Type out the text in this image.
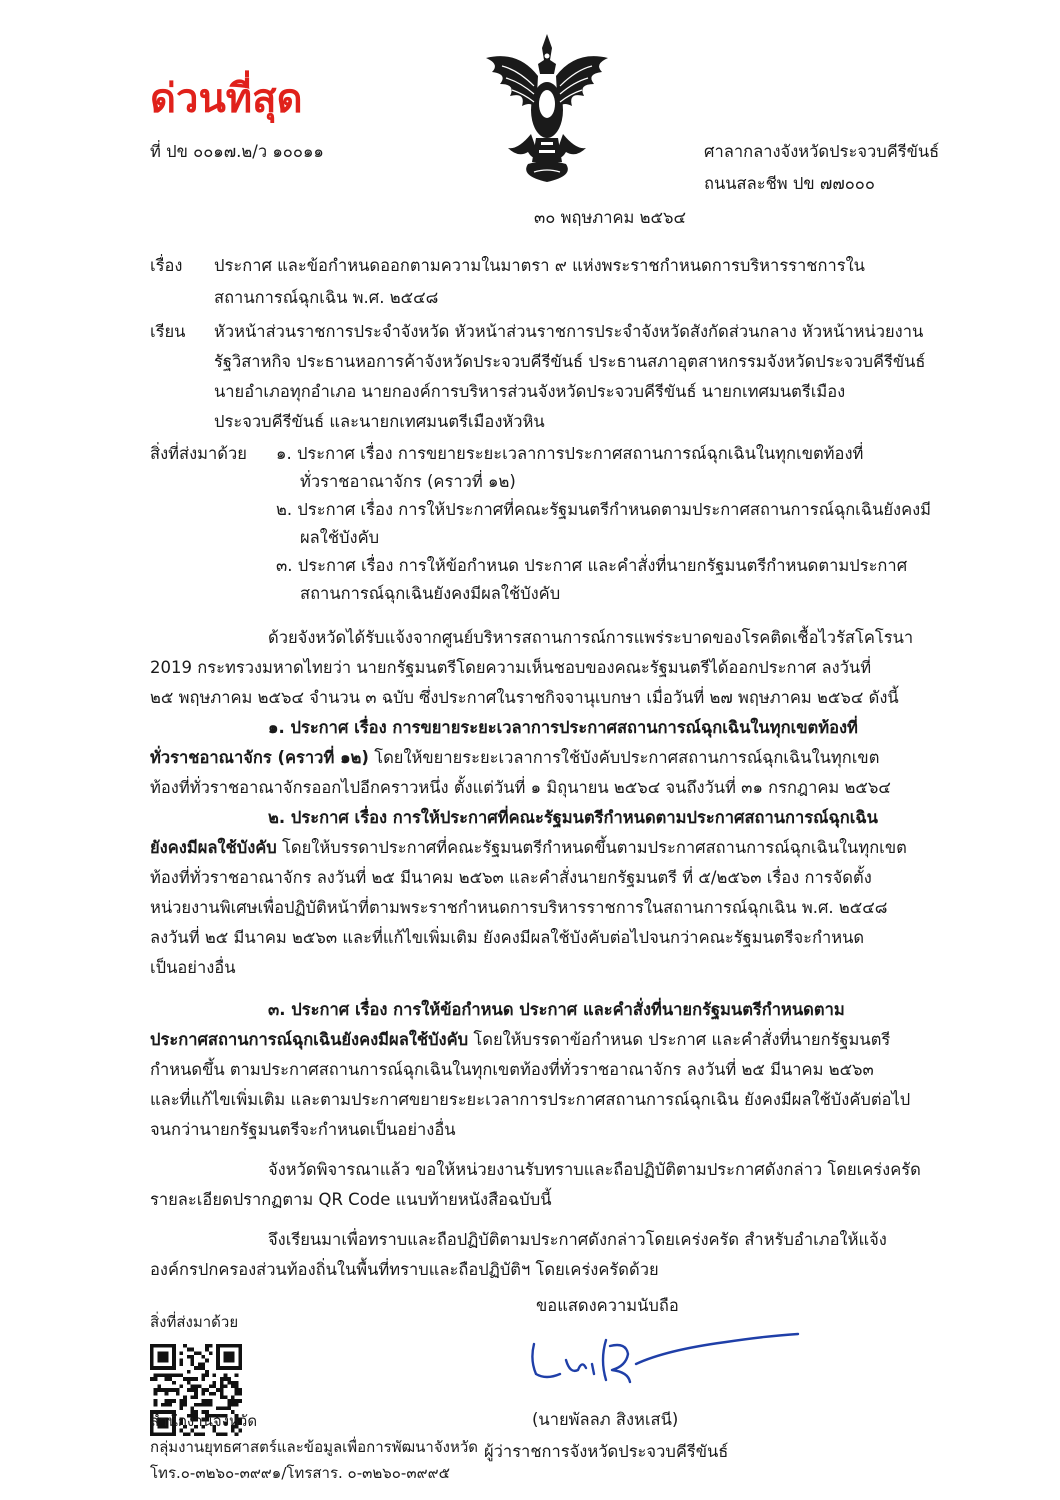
ด่วนที่สุด
ที่ ปข ๐๐๑๗.๒/ว ๑๐๐๑๑	ศาลากลางจังหวัดประจวบคีรีขันธ์
ถนนสละชีพ ปข ๗๗๐๐๐
๓๐ พฤษภาคม ๒๕๖๔
เรื่อง ประกาศ และข้อกำหนดออกตามความในมาตรา ๙ แห่งพระราชกำหนดการบริหารราชการใน
สถานการณ์ฉุกเฉิน พ.ศ. ๒๕๔๘
เรียน หัวหน้าส่วนราชการประจำจังหวัด หัวหน้าส่วนราชการประจำจังหวัดสังกัดส่วนกลาง หัวหน้าหน่วยงาน
รัฐวิสาหกิจ ประธานหอการค้าจังหวัดประจวบคีรีขันธ์ ประธานสภาอุตสาหกรรมจังหวัดประจวบคีรีขันธ์
นายอำเภอทุกอำเภอ นายกองค์การบริหารส่วนจังหวัดประจวบคีรีขันธ์ นายกเทศมนตรีเมือง
ประจวบคีรีขันธ์ และนายกเทศมนตรีเมืองหัวหิน
สิ่งที่ส่งมาด้วย ๑. ประกาศ เรื่อง การขยายระยะเวลาการประกาศสถานการณ์ฉุกเฉินในทุกเขตท้องที่
ทั่วราชอาณาจักร (คราวที่ ๑๒)
๒. ประกาศ เรื่อง การให้ประกาศที่คณะรัฐมนตรีกำหนดตามประกาศสถานการณ์ฉุกเฉินยังคงมี
ผลใช้บังคับ
๓. ประกาศ เรื่อง การให้ข้อกำหนด ประกาศ และคำสั่งที่นายกรัฐมนตรีกำหนดตามประกาศ
สถานการณ์ฉุกเฉินยังคงมีผลใช้บังคับ
ด้วยจังหวัดได้รับแจ้งจากศูนย์บริหารสถานการณ์การแพร่ระบาดของโรคติดเชื้อไวรัสโคโรนา
2019 กระทรวงมหาดไทยว่า นายกรัฐมนตรีโดยความเห็นชอบของคณะรัฐมนตรีได้ออกประกาศ ลงวันที่
๒๕ พฤษภาคม ๒๕๖๔ จำนวน ๓ ฉบับ ซึ่งประกาศในราชกิจจานุเบกษา เมื่อวันที่ ๒๗ พฤษภาคม ๒๕๖๔ ดังนี้
๑. ประกาศ เรื่อง การขยายระยะเวลาการประกาศสถานการณ์ฉุกเฉินในทุกเขตท้องที่
ทั่วราชอาณาจักร (คราวที่ ๑๒) โดยให้ขยายระยะเวลาการใช้บังคับประกาศสถานการณ์ฉุกเฉินในทุกเขต
ท้องที่ทั่วราชอาณาจักรออกไปอีกคราวหนึ่ง ตั้งแต่วันที่ ๑ มิถุนายน ๒๕๖๔ จนถึงวันที่ ๓๑ กรกฎาคม ๒๕๖๔
๒. ประกาศ เรื่อง การให้ประกาศที่คณะรัฐมนตรีกำหนดตามประกาศสถานการณ์ฉุกเฉิน
ยังคงมีผลใช้บังคับ โดยให้บรรดาประกาศที่คณะรัฐมนตรีกำหนดขึ้นตามประกาศสถานการณ์ฉุกเฉินในทุกเขต
ท้องที่ทั่วราชอาณาจักร ลงวันที่ ๒๕ มีนาคม ๒๕๖๓ และคำสั่งนายกรัฐมนตรี ที่ ๕/๒๕๖๓ เรื่อง การจัดตั้ง
หน่วยงานพิเศษเพื่อปฏิบัติหน้าที่ตามพระราชกำหนดการบริหารราชการในสถานการณ์ฉุกเฉิน พ.ศ. ๒๕๔๘
ลงวันที่ ๒๕ มีนาคม ๒๕๖๓ และที่แก้ไขเพิ่มเติม ยังคงมีผลใช้บังคับต่อไปจนกว่าคณะรัฐมนตรีจะกำหนด
เป็นอย่างอื่น
๓. ประกาศ เรื่อง การให้ข้อกำหนด ประกาศ และคำสั่งที่นายกรัฐมนตรีกำหนดตาม
ประกาศสถานการณ์ฉุกเฉินยังคงมีผลใช้บังคับ โดยให้บรรดาข้อกำหนด ประกาศ และคำสั่งที่นายกรัฐมนตรี
กำหนดขึ้น ตามประกาศสถานการณ์ฉุกเฉินในทุกเขตท้องที่ทั่วราชอาณาจักร ลงวันที่ ๒๕ มีนาคม ๒๕๖๓
และที่แก้ไขเพิ่มเติม และตามประกาศขยายระยะเวลาการประกาศสถานการณ์ฉุกเฉิน ยังคงมีผลใช้บังคับต่อไป
จนกว่านายกรัฐมนตรีจะกำหนดเป็นอย่างอื่น
จังหวัดพิจารณาแล้ว ขอให้หน่วยงานรับทราบและถือปฏิบัติตามประกาศดังกล่าว โดยเคร่งครัด
รายละเอียดปรากฏตาม QR Code แนบท้ายหนังสือฉบับนี้
จึงเรียนมาเพื่อทราบและถือปฏิบัติตามประกาศดังกล่าวโดยเคร่งครัด สำหรับอำเภอให้แจ้ง
องค์กรปกครองส่วนท้องถิ่นในพื้นที่ทราบและถือปฏิบัติฯ โดยเคร่งครัดด้วย
ขอแสดงความนับถือ
(นายพัลลภ สิงหเสนี)
ผู้ว่าราชการจังหวัดประจวบคีรีขันธ์
สิ่งที่ส่งมาด้วย
สำนักงานจังหวัด
กลุ่มงานยุทธศาสตร์และข้อมูลเพื่อการพัฒนาจังหวัด
โทร.๐-๓๒๖๐-๓๙๙๑/โทรสาร. ๐-๓๒๖๐-๓๙๙๕
